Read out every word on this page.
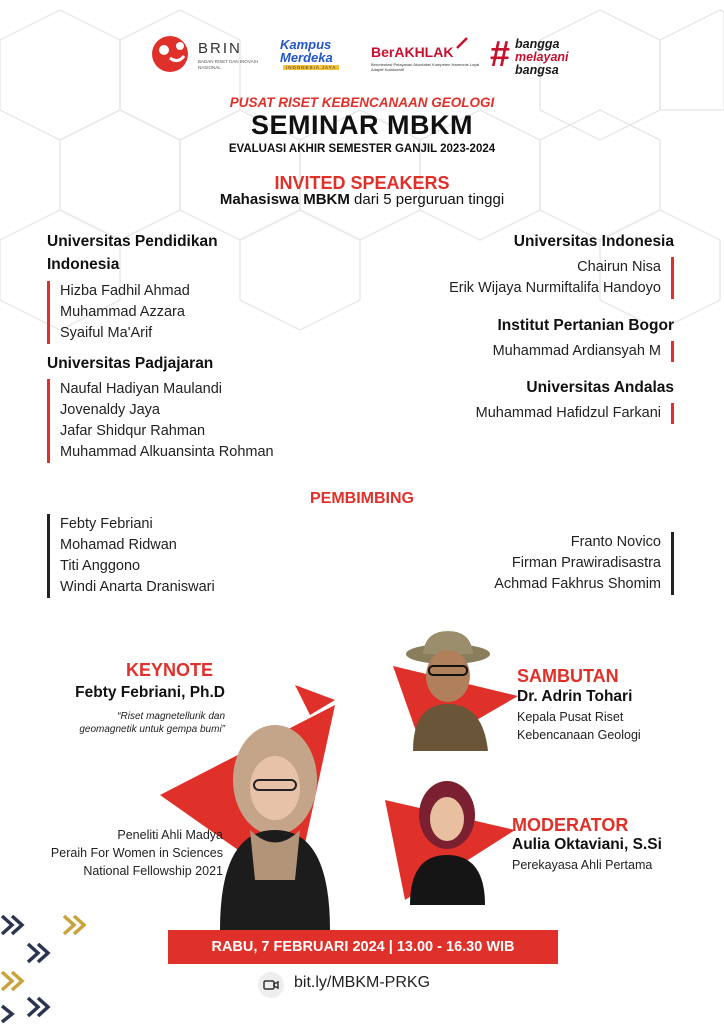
BRIN
BADAN RISET DAN INOVASI NASIONAL
Kampus
Merdeka
INDONESIA JAYA
BerAKHLAK
Berorientasi Pelayanan Akuntabel Kompeten Harmonis Loyal Adaptif Kolaboratif	# bangga
melayani
bangsa
PUSAT RISET KEBENCANAAN GEOLOGI
SEMINAR MBKM
EVALUASI AKHIR SEMESTER GANJIL 2023-2024
INVITED SPEAKERS
Mahasiswa MBKM dari 5 perguruan tinggi
Universitas Pendidikan
Indonesia
Hizba Fadhil Ahmad
Muhammad Azzara
Syaiful Ma'Arif
Universitas Padjajaran
Naufal Hadiyan Maulandi
Jovenaldy Jaya
Jafar Shidqur Rahman
Muhammad Alkuansinta Rohman
Universitas Indonesia
Chairun Nisa
Erik Wijaya Nurmiftalifa Handoyo
Institut Pertanian Bogor
Muhammad Ardiansyah M
Universitas Andalas
Muhammad Hafidzul Farkani
PEMBIMBING
Febty Febriani
Mohamad Ridwan
Titi Anggono
Windi Anarta Draniswari
Franto Novico
Firman Prawiradisastra
Achmad Fakhrus Shomim
KEYNOTE
Febty Febriani, Ph.D
“Riset magnetellurik dan
geomagnetik untuk gempa bumi”
Peneliti Ahli Madya
Peraih For Women in Sciences
National Fellowship 2021
SAMBUTAN
Dr. Adrin Tohari
Kepala Pusat Riset
Kebencanaan Geologi
MODERATOR
Aulia Oktaviani, S.Si
Perekayasa Ahli Pertama
RABU, 7 FEBRUARI 2024 | 13.00 - 16.30 WIB
bit.ly/MBKM-PRKG
